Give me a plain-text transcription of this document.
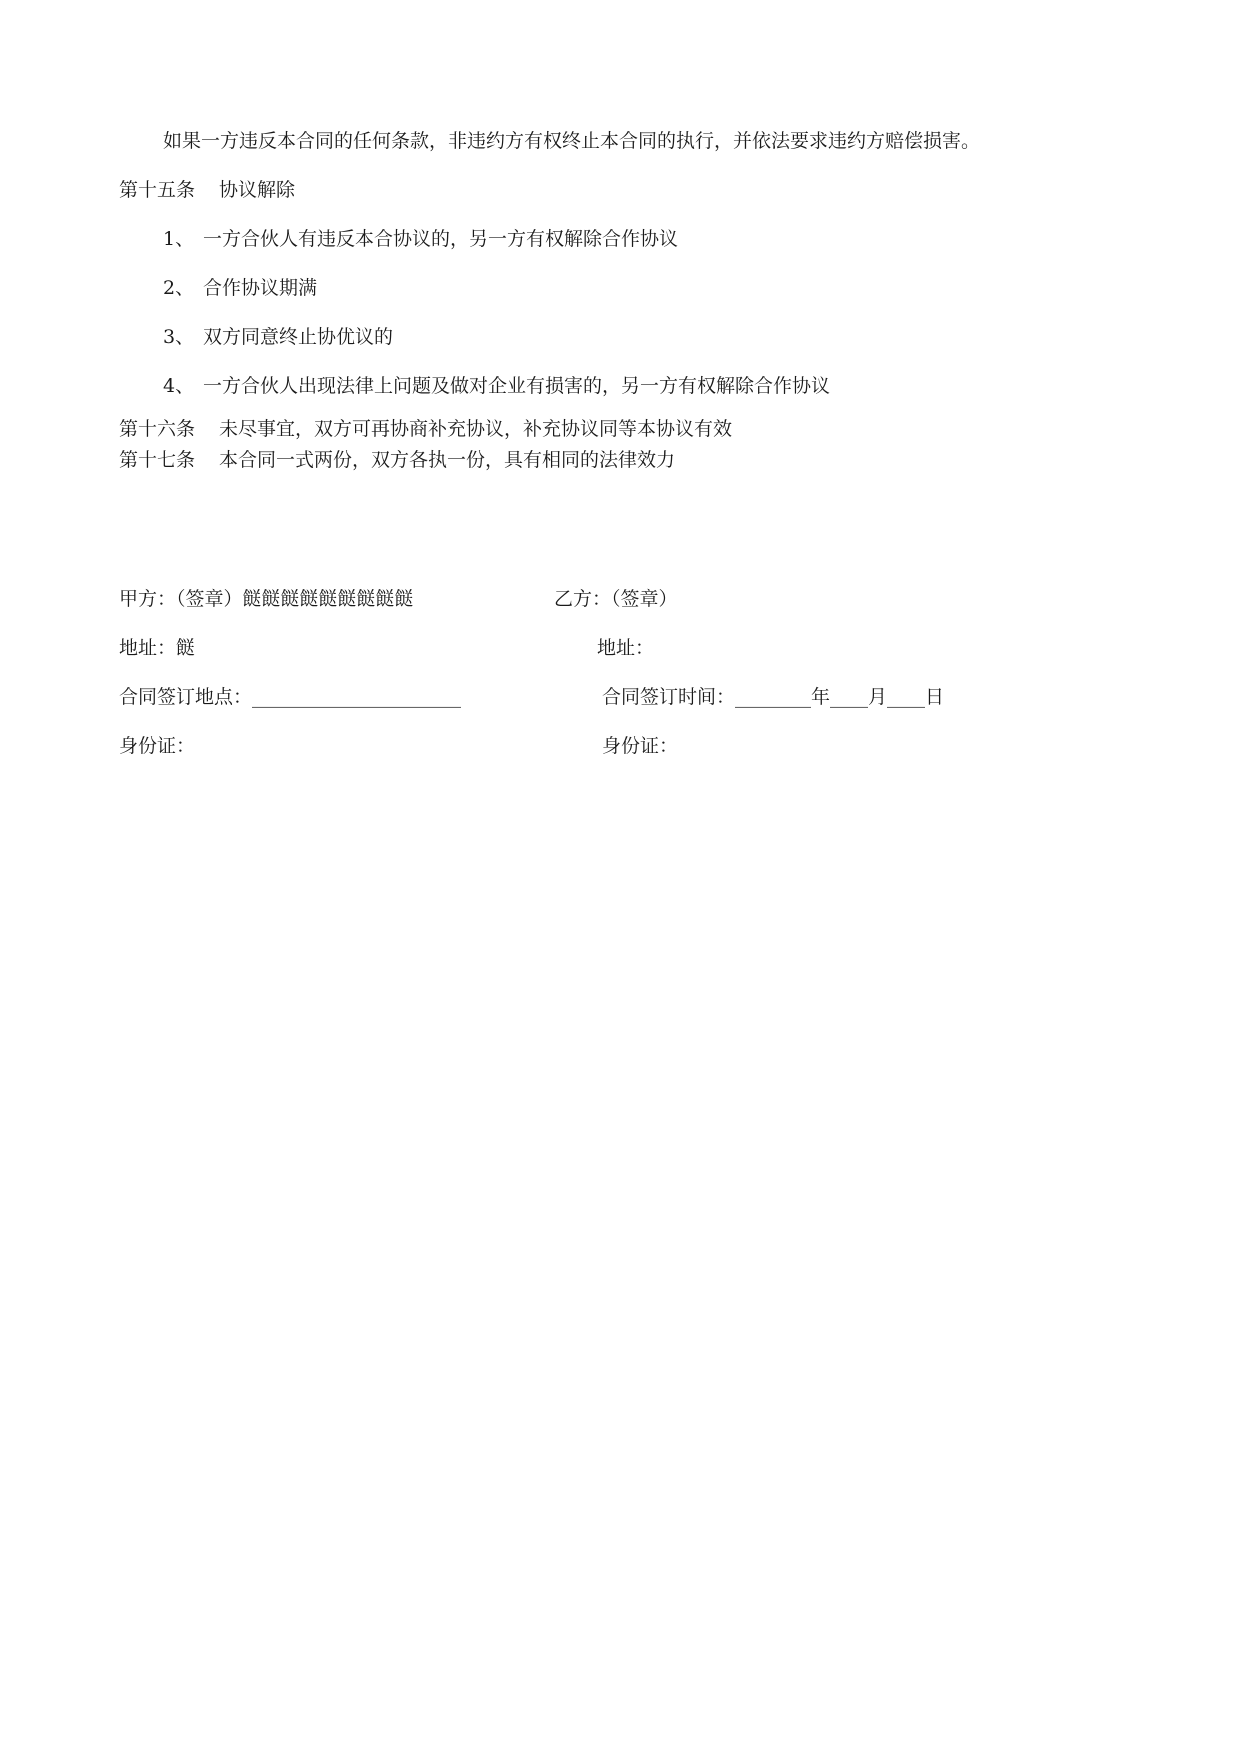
如果一方违反本合同的任何条款，非违约方有权终止本合同的执行，并依法要求违约方赔偿损害。
第十五条 协议解除
1、 一方合伙人有违反本合协议的，另一方有权解除合作协议
2、 合作协议期满
3、 双方同意终止协优议的
4、 一方合伙人出现法律上问题及做对企业有损害的，另一方有权解除合作协议
第十六条 未尽事宜，双方可再协商补充协议，补充协议同等本协议有效
第十七条 本合同一式两份，双方各执一份，具有相同的法律效力
甲方：（签章）餸餸餸餸餸餸餸餸餸	乙方：（签章）
地址：餸	地址：
合同签订地点：______________________	合同签订时间：________年____月____日
身份证：	身份证：
